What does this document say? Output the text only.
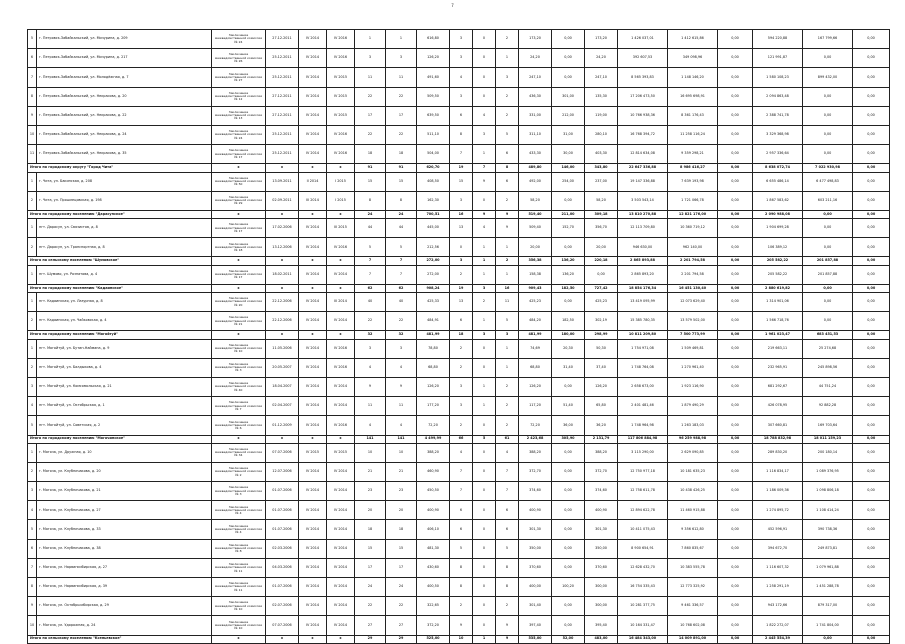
7
5	г. Петровск-Забайкальский, ул. Мичурина, д. 209	Заключение межведомственной комиссии № 24	27.12.2011	IV 2014	IV 2016	1	1	616,80	3	0	2	173,20	0,00	173,20	1 426 037,01	1 412 615,86	0,00	594 220,88	167 799,66	0,00
6	г. Петровск-Забайкальский, ул. Мичурина, д. 217	Заключение межведомственной комиссии № 26	25.12.2011	IV 2014	IV 2016	3	3	126,20	3	0	1	24,20	0,00	24,20	392 607,53	349 098,96	0,00	121 991,87	0,00	0,00
7	г. Петровск-Забайкальский, ул. Молодёжная, д. 7	Заключение межведомственной комиссии № 27	25.12.2011	IV 2014	IV 2015	11	11	491,60	4	0	3	247,10	0,00	247,10	8 565 393,83	1 148 146,20	0,00	1 580 108,23	899 432,00	0,00
8	г. Петровск-Забайкальский, ул. Некрасова, д. 20	Заключение межведомственной комиссии № 12	27.12.2011	IV 2014	IV 2015	22	22	509,50	3	0	2	436,30	301,00	135,30	17 206 473,50	16 695 698,91	0,00	2 094 863,48	0,00	0,00
9	г. Петровск-Забайкальский, ул. Некрасова, д. 22	Заключение межведомственной комиссии № 13	27.12.2011	IV 2014	IV 2015	17	17	639,50	6	4	2	331,00	212,00	119,00	10 766 938,36	8 361 176,43	0,00	2 388 741,78	0,00	0,00
10	г. Петровск-Забайкальский, ул. Некрасова, д. 24	Заключение межведомственной комиссии № 24	25.12.2011	IV 2014	IV 2016	22	22	511,10	8	3	5	311,10	31,00	280,10	16 768 394,72	11 258 116,24	0,00	3 329 368,98	0,00	0,00
11	г. Петровск-Забайкальский, ул. Некрасова, д. 35	Заключение межведомственной комиссии № 17	25.12.2011	IV 2014	IV 2016	18	18	504,00	7	1	6	433,30	30,00	403,30	12 814 634,08	9 359 298,21	0,00	2 957 336,64	0,00	0,00
Итого по городскому округу "Город Чита"		x	x	x	x	91	91	620,70	19	7	8	489,80	146,00	343,80	22 647 336,88	8 986 416,27	0,00	8 638 072,74	7 022 930,98	0,00
1	г. Чита, ул. Бакинская, д. 208	Заключение межведомственной комиссии № 50	13.09.2011	II 2014	I 2015	15	15	408,50	15	9	6	492,00	254,00	237,00	19 147 336,88	7 639 193,98	0,00	6 655 486,14	6 477 498,83	0,00
2	г. Чита, ул. Прошлецовская, д. 198	Заключение межведомственной комиссии № 29	02.09.2011	III 2014	I 2015	8	8	162,30	3	0	2	58,20	0,00	58,20	3 503 543,14	1 721 066,78	0,00	1 867 583,62	603 211,16	0,00
Итого по городскому поселению "Дарасунское"		x	x	x	x	24	24	700,51	16	9	9	519,40	211,00	309,18	13 810 270,88	12 821 176,00	0,00	2 090 988,08	0,00	0,00
1	пгт. Дарасун, ул. Связистов, д. 8	Заключение межведомственной комиссии № 17	17.02.2006	IV 2014	III 2015	44	44	445,00	13	4	9	509,40	152,70	356,70	12 113 709,80	10 360 719,12	0,00	1 904 699,28	0,00	0,00
2	пгт. Дарасун, ул. Транспортная, д. 8	Заключение межведомственной комиссии № 18	13.12.2006	IV 2014	IV 2016	5	5	212,56	0	1	1	20,00	0,00	20,00	946 630,00	962 140,00	0,00	106 389,12	0,00	0,00
Итого по сельскому поселению "Шумовское"		x	x	x	x	7	7	272,00	3	1	2	356,38	136,20	220,18	2 865 893,88	2 201 794,58	0,00	205 582,22	201 857,88	0,00
1	пгт. Шумово, ул. Рознатова, д. 4	Заключение межведомственной комиссии № 17	18.02.2011	IV 2014	IV 2014	7	7	272,00	2	1	1	158,38	136,20	0,00	2 865 893,20	2 201 794,58	0,00	205 582,22	201 857,88	0,00
Итого по городскому поселению "Кадаинское"		x	x	x	x	62	62	908,24	19	3	16	909,43	182,50	727,42	18 854 176,34	16 451 130,40	0,00	2 880 619,82	0,00	0,00
1	пгт. Кадаинская, ул. Лазурная, д. 8	Заключение межведомственной комиссии № 20	22.12.2006	IV 2014	III 2014	40	40	425,33	13	2	11	425,23	0,00	425,23	13 419 095,99	12 073 629,40	0,00	1 314 901,06	0,00	0,00
2	пгт. Кадаинская, ул. Чайковская, д. 4	Заключение межведомственной комиссии № 21	22.12.2006	IV 2014	IV 2014	22	22	484,91	6	1	5	484,20	182,50	302,19	15 385 780,35	13 579 502,00	0,00	1 566 718,76	0,00	0,00
Итого по городскому поселению "Могойтуй"		x	x	x	x	32	32	481,99	18	3	3	481,99	180,00	298,99	10 811 209,80	7 500 773,99	0,00	1 961 023,47	683 451,53	0,00
1	пгт. Могойтуй, ул. Бутин-Наймана, д. 9	Заключение межведомственной комиссии № 10	11.05.2006	IV 2014	IV 2016	3	3	78,80	2	0	1	74,69	20,30	50,30	1 754 971,08	1 509 469,81	0,00	219 663,11	25 274,68	0,00
2	пгт. Могойтуй, ул. Балдыкова, д. 4	Заключение межведомственной комиссии № 3	20.05.2007	IV 2014	IV 2016	4	4	68,80	2	0	1	68,80	31,40	37,40	1 748 764,08	1 270 961,40	0,00	232 965,91	245 898,56	0,00
3	пгт. Могойтуй, ул. Комсомольская, д. 21	Заключение межведомственной комиссии № 40	18.04.2007	IV 2014	IV 2014	9	9	126,20	3	1	2	126,20	0,00	126,20	2 658 673,00	1 923 116,90	0,00	681 292,67	44 751,24	0,00
4	пгт. Могойтуй, ул. Октябрьская, д. 1	Заключение межведомственной комиссии № 7	02.04.2007	IV 2014	IV 2014	11	11	177,20	3	1	2	117,20	51,40	65,80	2 401 481,46	1 879 490,29	0,00	426 078,95	92 882,28	0,00
5	пгт. Могойтуй, ул. Советская, д. 2	Заключение межведомственной комиссии № 6	01.12.2009	IV 2014	IV 2016	4	4	72,20	2	0	2	72,20	36,00	36,20	1 748 964,98	1 263 183,03	0,00	307 660,81	169 703,64	0,00
Итого по городскому поселению "Могочинское"		x	x	x	x	141	141	4 499,99	66	5	61	2 423,68	305,90	2 131,79	117 806 884,98	96 259 988,98	0,00	18 788 832,98	18 011 159,23	0,00
1	г. Могоча, ул. Дружная, д. 10	Заключение межведомственной комиссии № 34	07.07.2006	IV 2015	IV 2015	10	10	388,20	4	0	4	388,20	0,00	388,20	3 115 290,00	2 629 090,85	0,00	289 830,20	200 180,14	0,00
2	г. Могоча, ул. Клубничакова, д. 20	Заключение межведомственной комиссии № 2	12.07.2006	IV 2014	IV 2014	21	21	460,90	7	0	7	372,70	0,00	372,70	12 750 977,18	10 181 635,23	0,00	1 116 834,17	1 089 376,95	0,00
3	г. Могоча, ул. Клубничакова, д. 21	Заключение межведомственной комиссии № 3	01.07.2006	IV 2014	IV 2014	23	23	450,50	7	0	7	374,60	0,00	374,60	12 758 611,78	10 438 426,25	0,00	1 186 009,36	1 098 806,18	0,00
4	г. Могоча, ул. Клубничакова, д. 27	Заключение межведомственной комиссии № 4	01.07.2006	IV 2014	IV 2014	20	20	400,90	6	0	6	400,90	0,00	400,90	12 894 622,78	11 460 915,88	0,00	1 274 895,72	1 108 414,24	0,00
5	г. Могоча, ул. Клубничакова, д. 33	Заключение межведомственной комиссии № 4	01.07.2006	IV 2014	IV 2014	18	18	406,10	6	0	6	301,30	0,00	301,30	10 411 075,43	9 356 612,80	0,00	452 596,91	390 738,36	0,00
6	г. Могоча, ул. Клубничакова, д. 38	Заключение межведомственной комиссии № 8	02.03.2006	IV 2014	IV 2014	15	15	481,30	5	0	5	350,00	0,00	350,00	8 900 654,91	7 860 835,67	0,00	394 672,70	249 873,81	0,00
7	г. Могоча, ул. Нарвинсибирская, д. 27	Заключение межведомственной комиссии № 11	04.03.2006	IV 2014	IV 2014	17	17	430,60	8	0	8	370,60	0,00	370,60	12 628 432,70	10 383 555,78	0,00	1 116 607,32	1 079 961,88	0,00
8	г. Могоча, ул. Нарвинсибирская, д. 39	Заключение межведомственной комиссии № 11	01.07.2006	IV 2014	IV 2014	24	24	400,50	8	0	8	400,00	100,20	300,00	16 754 335,43	12 773 325,92	0,00	1 258 291,19	1 451 288,78	0,00
9	г. Могоча, ул. Октябрьсибирская, д. 29	Заключение межведомственной комиссии № 10	02.07.2006	IV 2014	IV 2014	22	22	322,65	2	0	2	301,40	0,00	300,00	10 281 377,75	9 461 336,57	0,00	943 172,66	879 317,00	0,00
10	г. Могоча, ул. Удорожная, д. 24	Заключение межведомственной комиссии № 10	07.07.2006	IV 2014	IV 2014	27	27	372,20	9	0	9	397,40	0,00	395,40	10 164 331,47	10 768 602,08	0,00	1 822 272,07	1 741 804,00	0,00
Итого по сельскому поселению "Ксеньевское"		x	x	x	x	29	29	525,00	10	1	9	535,00	52,00	483,00	16 484 343,00	14 009 891,00	0,00	2 445 554,39	0,00	0,00
